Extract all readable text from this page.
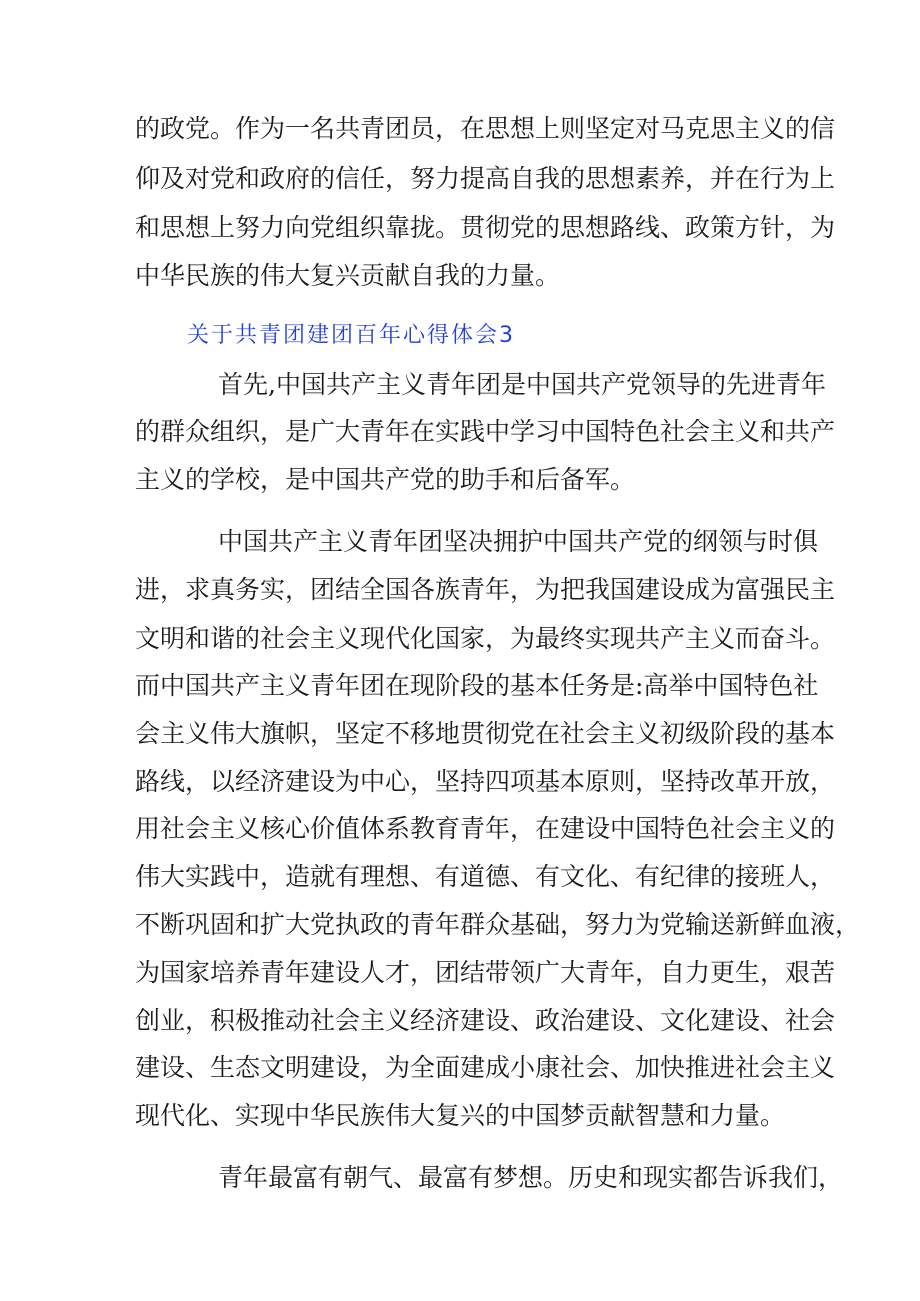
的政党。作为一名共青团员，在思想上则坚定对马克思主义的信
仰及对党和政府的信任，努力提高自我的思想素养，并在行为上
和思想上努力向党组织靠拢。贯彻党的思想路线、政策方针，为
中华民族的伟大复兴贡献自我的力量。
关于共青团建团百年心得体会3
首先,中国共产主义青年团是中国共产党领导的先进青年
的群众组织，是广大青年在实践中学习中国特色社会主义和共产
主义的学校，是中国共产党的助手和后备军。
中国共产主义青年团坚决拥护中国共产党的纲领与时俱
进，求真务实，团结全国各族青年，为把我国建设成为富强民主
文明和谐的社会主义现代化国家，为最终实现共产主义而奋斗。
而中国共产主义青年团在现阶段的基本任务是:高举中国特色社
会主义伟大旗帜，坚定不移地贯彻党在社会主义初级阶段的基本
路线，以经济建设为中心，坚持四项基本原则，坚持改革开放，
用社会主义核心价值体系教育青年，在建设中国特色社会主义的
伟大实践中，造就有理想、有道德、有文化、有纪律的接班人，
不断巩固和扩大党执政的青年群众基础，努力为党输送新鲜血液，
为国家培养青年建设人才，团结带领广大青年，自力更生，艰苦
创业，积极推动社会主义经济建设、政治建设、文化建设、社会
建设、生态文明建设，为全面建成小康社会、加快推进社会主义
现代化、实现中华民族伟大复兴的中国梦贡献智慧和力量。
青年最富有朝气、最富有梦想。历史和现实都告诉我们，
